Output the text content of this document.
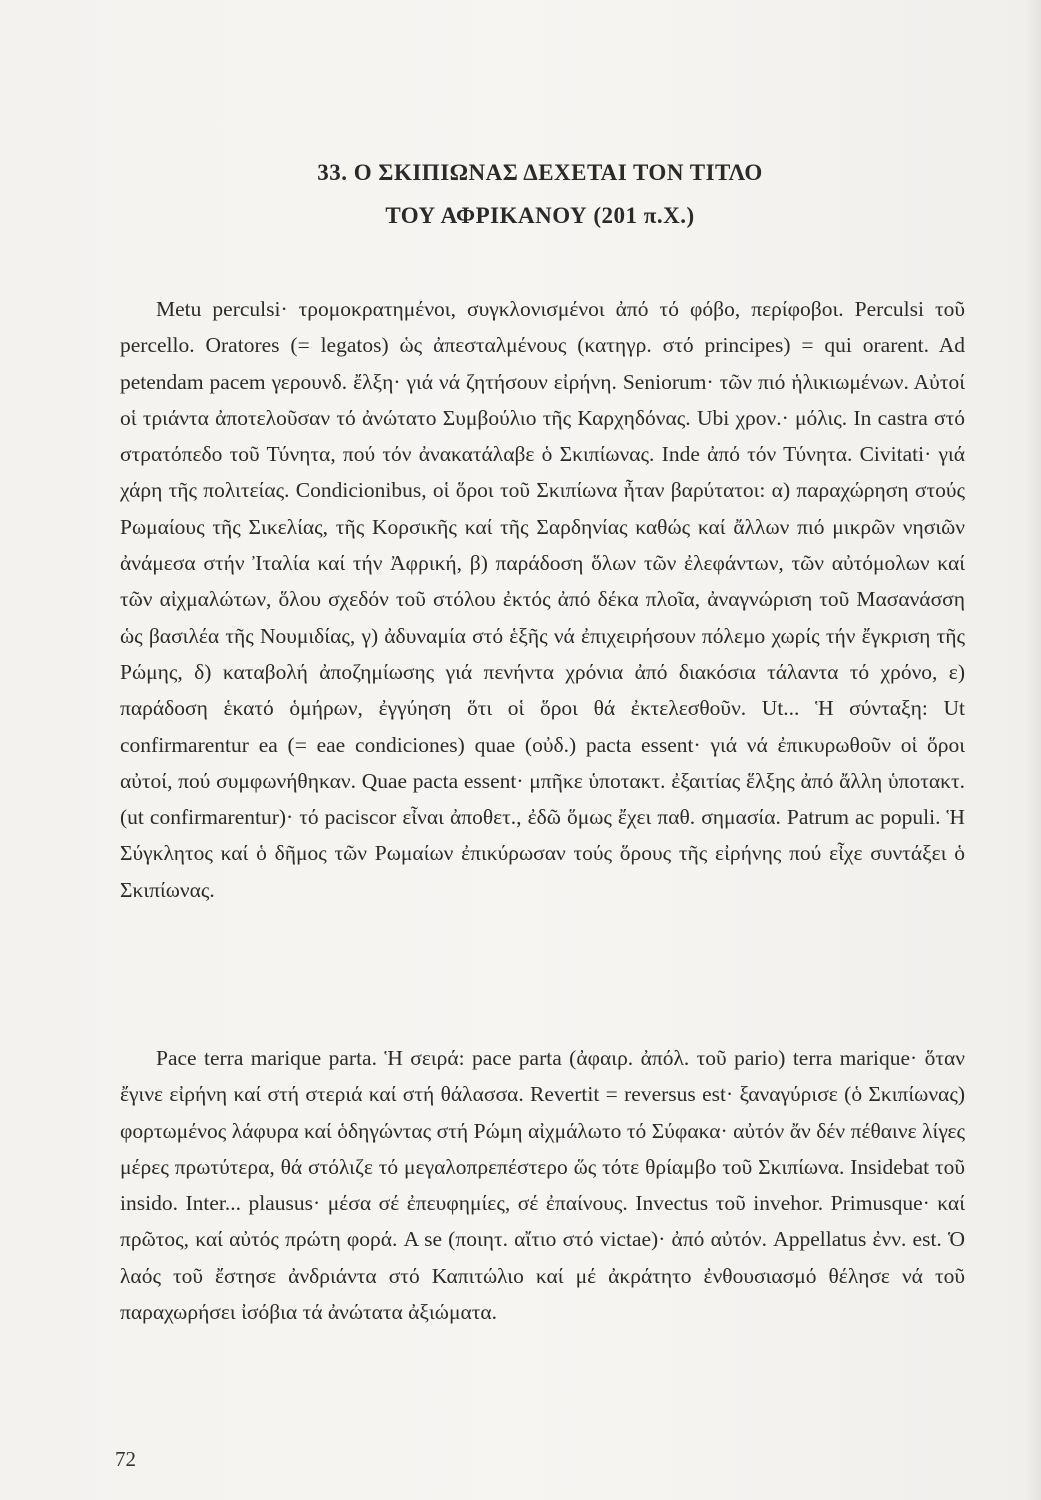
33. Ο ΣΚΙΠΙΩΝΑΣ ΔΕΧΕΤΑΙ ΤΟΝ ΤΙΤΛΟ
ΤΟΥ ΑΦΡΙΚΑΝΟΥ (201 π.Χ.)

Metu perculsi· τρομοκρατημένοι, συγκλονισμένοι ἀπό τό φόβο, περίφοβοι. Perculsi τοῦ percello. Oratores (= legatos) ὡς ἀπεσταλμένους (κατηγρ. στό principes) = qui orarent. Ad petendam pacem γερουνδ. ἔλξη· γιά νά ζητήσουν εἰρήνη. Seniorum· τῶν πιό ἡλικιωμένων. Αὐτοί οἱ τριάντα ἀποτελοῦσαν τό ἀνώτατο Συμβούλιο τῆς Καρχηδόνας. Ubi χρον.· μόλις. In castra στό στρατόπεδο τοῦ Τύνητα, πού τόν ἀνακατάλαβε ὁ Σκιπίωνας. Inde ἀπό τόν Τύνητα. Civitati· γιά χάρη τῆς πολιτείας. Condicionibus, οἱ ὅροι τοῦ Σκιπίωνα ἦταν βαρύτατοι: α) παραχώρηση στούς Ρωμαίους τῆς Σικελίας, τῆς Κορσικῆς καί τῆς Σαρδηνίας καθώς καί ἄλλων πιό μικρῶν νησιῶν ἀνάμεσα στήν Ἰταλία καί τήν Ἀφρική, β) παράδοση ὅλων τῶν ἐλεφάντων, τῶν αὐτόμολων καί τῶν αἰχμαλώτων, ὅλου σχεδόν τοῦ στόλου ἐκτός ἀπό δέκα πλοῖα, ἀναγνώριση τοῦ Μασανάσση ὡς βασιλέα τῆς Νουμιδίας, γ) ἀδυναμία στό ἑξῆς νά ἐπιχειρήσουν πόλεμο χωρίς τήν ἔγκριση τῆς Ρώμης, δ) καταβολή ἀποζημίωσης γιά πενήντα χρόνια ἀπό διακόσια τάλαντα τό χρόνο, ε) παράδοση ἑκατό ὁμήρων, ἐγγύηση ὅτι οἱ ὅροι θά ἐκτελεσθοῦν. Ut... Ἡ σύνταξη: Ut confirmarentur ea (= eae condiciones) quae (οὐδ.) pacta essent· γιά νά ἐπικυρωθοῦν οἱ ὅροι αὐτοί, πού συμφωνήθηκαν. Quae pacta essent· μπῆκε ὑποτακτ. ἐξαιτίας ἕλξης ἀπό ἄλλη ὑποτακτ. (ut confirmarentur)· τό paciscor εἶναι ἀποθετ., ἐδῶ ὅμως ἔχει παθ. σημασία. Patrum ac populi. Ἡ Σύγκλητος καί ὁ δῆμος τῶν Ρωμαίων ἐπικύρωσαν τούς ὅρους τῆς εἰρήνης πού εἶχε συντάξει ὁ Σκιπίωνας.

Pace terra marique parta. Ἡ σειρά: pace parta (ἀφαιρ. ἀπόλ. τοῦ pario) terra marique· ὅταν ἔγινε εἰρήνη καί στή στεριά καί στή θάλασσα. Revertit = reversus est· ξαναγύρισε (ὁ Σκιπίωνας) φορτωμένος λάφυρα καί ὁδηγώντας στή Ρώμη αἰχμάλωτο τό Σύφακα· αὐτόν ἄν δέν πέθαινε λίγες μέρες πρωτύτερα, θά στόλιζε τό μεγαλοπρεπέστερο ὥς τότε θρίαμβο τοῦ Σκιπίωνα. Insidebat τοῦ insido. Inter... plausus· μέσα σέ ἐπευφημίες, σέ ἐπαίνους. Invectus τοῦ invehor. Primusque· καί πρῶτος, καί αὐτός πρώτη φορά. A se (ποιητ. αἴτιο στό victae)· ἀπό αὐτόν. Appellatus ἐνν. est. Ὁ λαός τοῦ ἔστησε ἀνδριάντα στό Καπιτώλιο καί μέ ἀκράτητο ἐνθουσιασμό θέλησε νά τοῦ παραχωρήσει ἰσόβια τά ἀνώτατα ἀξιώματα.

72
